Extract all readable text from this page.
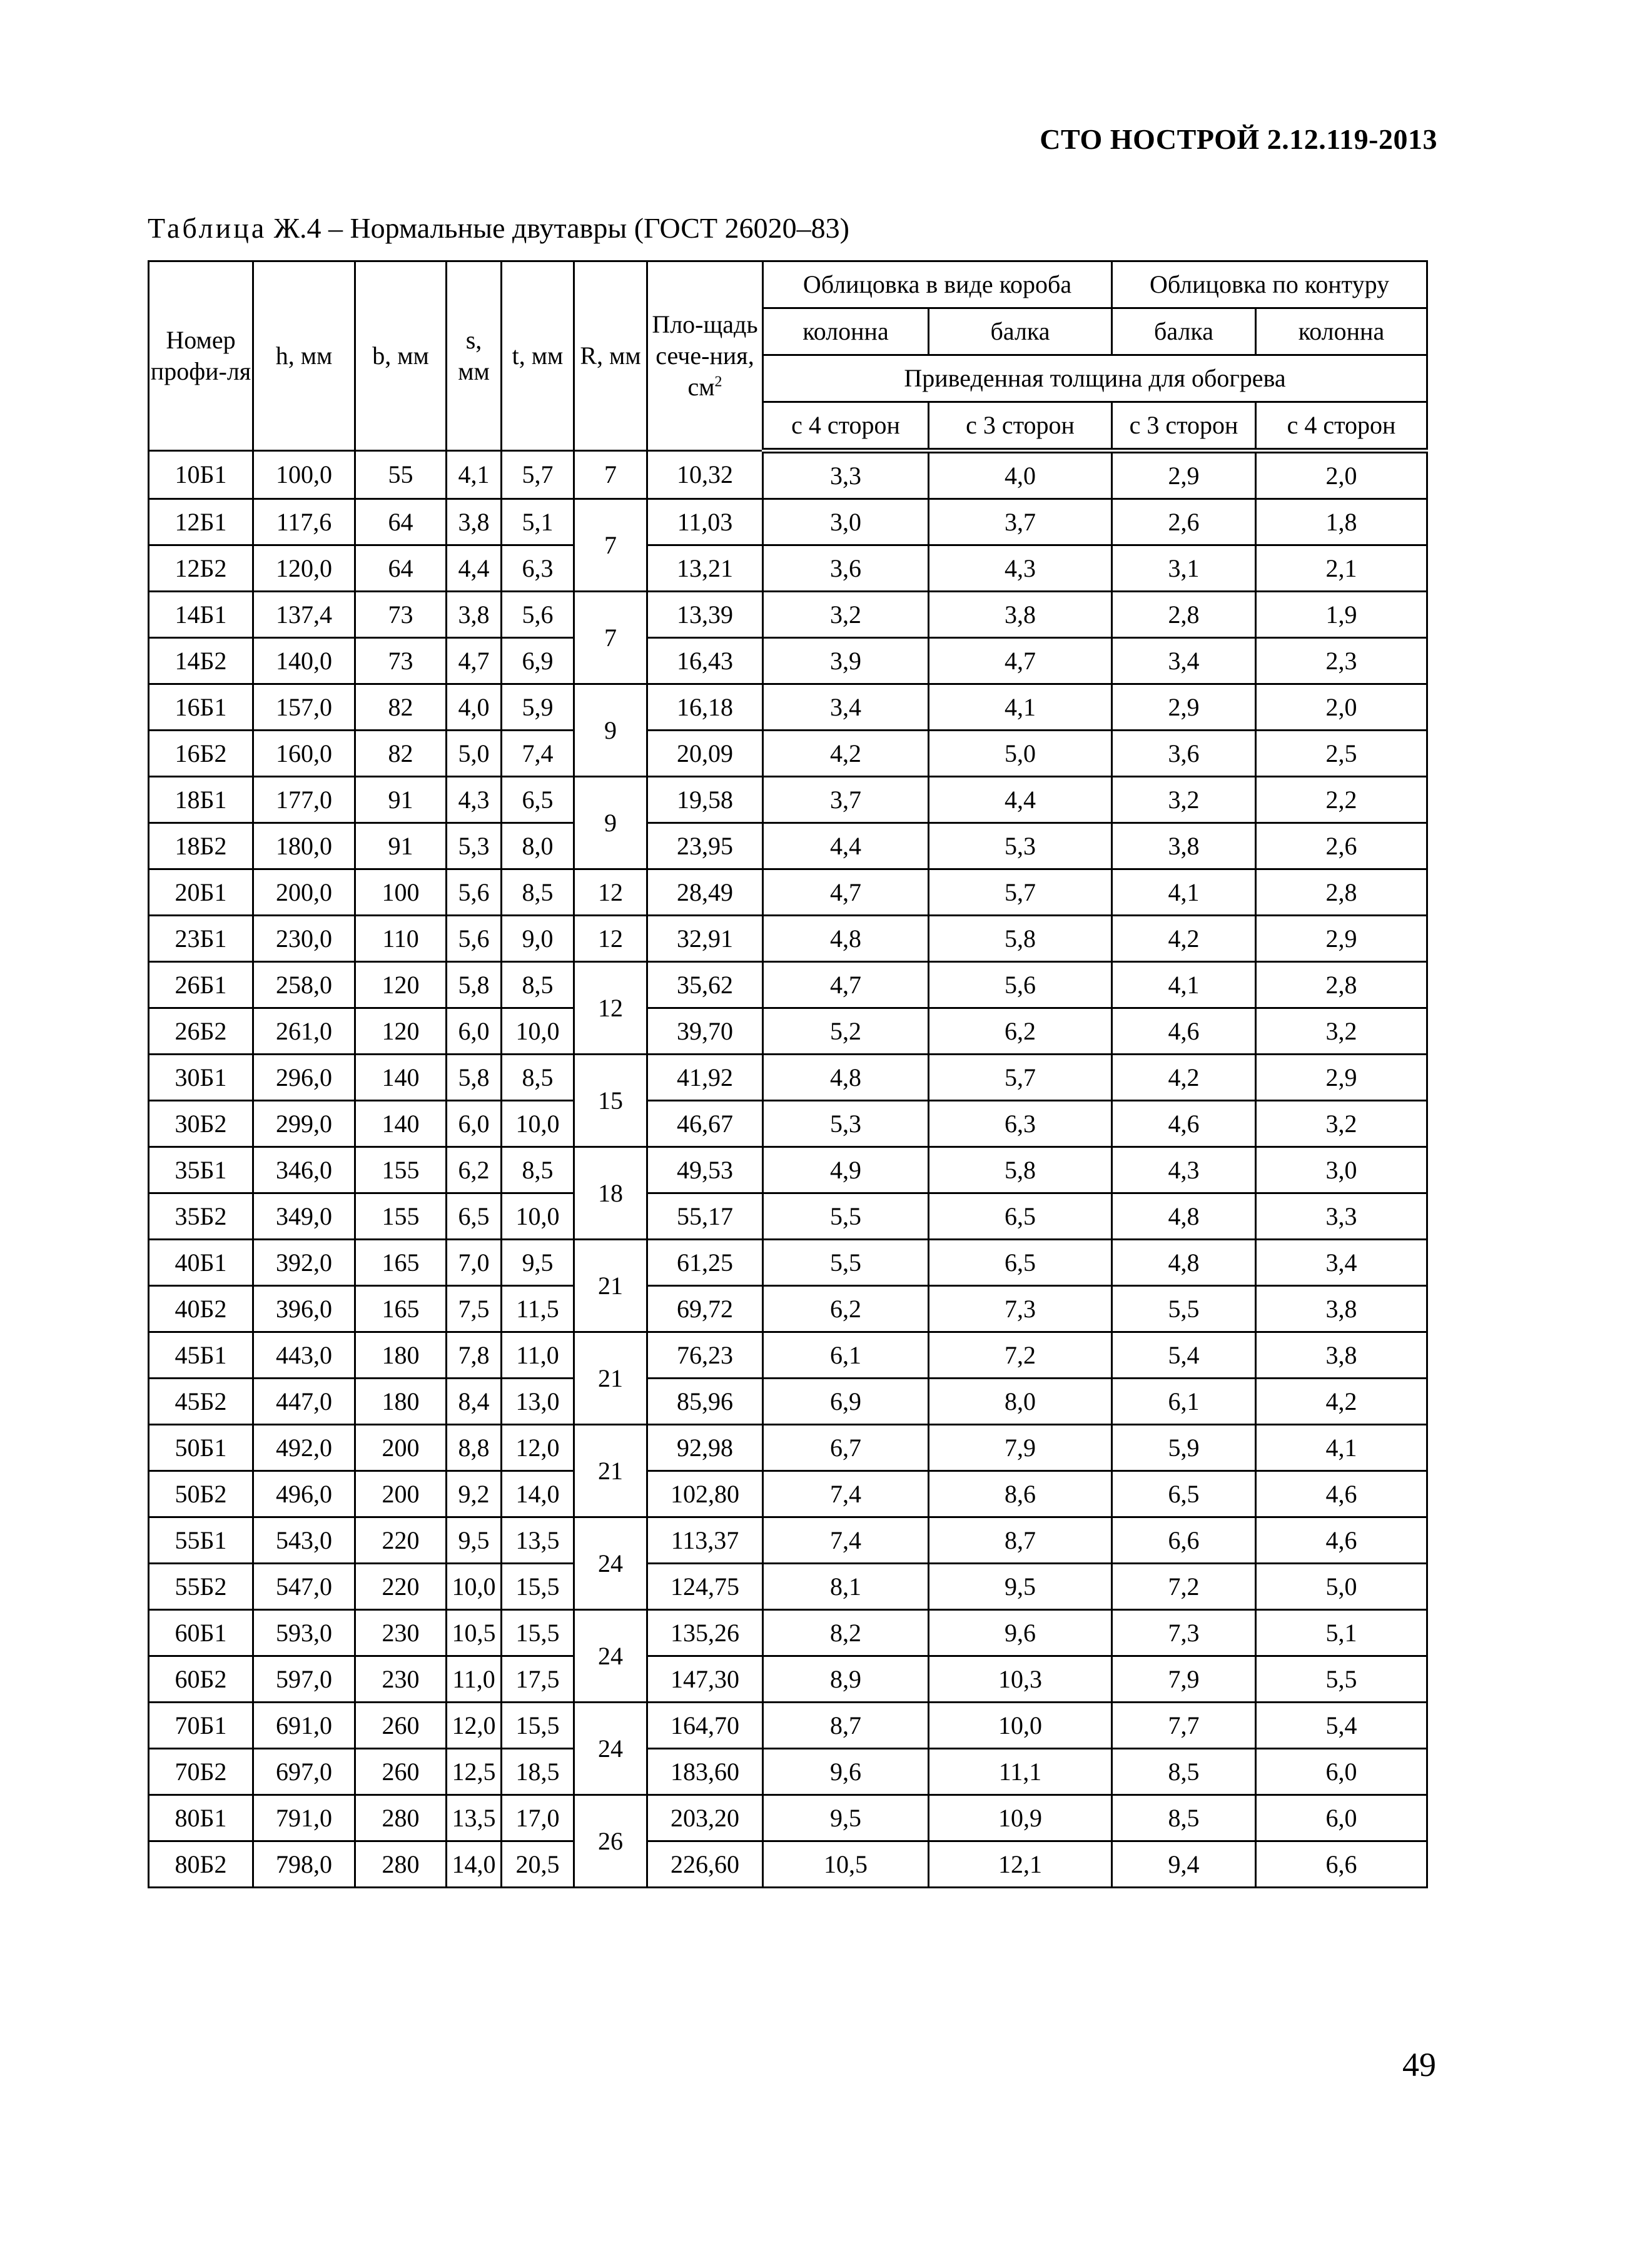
СТО НОСТРОЙ 2.12.119-2013
Таблица Ж.4 – Нормальные двутавры (ГОСТ 26020–83)
Номер профи-ля	h, мм	b, мм	s, мм	t, мм	R, мм	Пло-щадь сече-ния, $см^2$	Облицовка в виде короба		Облицовка по контуру	
							колонна	балка	балка	колонна
							Приведенная толщина для обогрева			
							с 4 сторон	с 3 сторон	с 3 сторон	с 4 сторон
10Б1	100,0	55	4,1	5,7	7	10,32	3,3	4,0	2,9	2,0
12Б1	117,6	64	3,8	5,1	7	11,03	3,0	3,7	2,6	1,8
12Б2	120,0	64	4,4	6,3		13,21	3,6	4,3	3,1	2,1
14Б1	137,4	73	3,8	5,6	7	13,39	3,2	3,8	2,8	1,9
14Б2	140,0	73	4,7	6,9		16,43	3,9	4,7	3,4	2,3
16Б1	157,0	82	4,0	5,9	9	16,18	3,4	4,1	2,9	2,0
16Б2	160,0	82	5,0	7,4		20,09	4,2	5,0	3,6	2,5
18Б1	177,0	91	4,3	6,5	9	19,58	3,7	4,4	3,2	2,2
18Б2	180,0	91	5,3	8,0		23,95	4,4	5,3	3,8	2,6
20Б1	200,0	100	5,6	8,5	12	28,49	4,7	5,7	4,1	2,8
23Б1	230,0	110	5,6	9,0	12	32,91	4,8	5,8	4,2	2,9
26Б1	258,0	120	5,8	8,5	12	35,62	4,7	5,6	4,1	2,8
26Б2	261,0	120	6,0	10,0		39,70	5,2	6,2	4,6	3,2
30Б1	296,0	140	5,8	8,5	15	41,92	4,8	5,7	4,2	2,9
30Б2	299,0	140	6,0	10,0		46,67	5,3	6,3	4,6	3,2
35Б1	346,0	155	6,2	8,5	18	49,53	4,9	5,8	4,3	3,0
35Б2	349,0	155	6,5	10,0		55,17	5,5	6,5	4,8	3,3
40Б1	392,0	165	7,0	9,5	21	61,25	5,5	6,5	4,8	3,4
40Б2	396,0	165	7,5	11,5		69,72	6,2	7,3	5,5	3,8
45Б1	443,0	180	7,8	11,0	21	76,23	6,1	7,2	5,4	3,8
45Б2	447,0	180	8,4	13,0		85,96	6,9	8,0	6,1	4,2
50Б1	492,0	200	8,8	12,0	21	92,98	6,7	7,9	5,9	4,1
50Б2	496,0	200	9,2	14,0		102,80	7,4	8,6	6,5	4,6
55Б1	543,0	220	9,5	13,5	24	113,37	7,4	8,7	6,6	4,6
55Б2	547,0	220	10,0	15,5		124,75	8,1	9,5	7,2	5,0
60Б1	593,0	230	10,5	15,5	24	135,26	8,2	9,6	7,3	5,1
60Б2	597,0	230	11,0	17,5		147,30	8,9	10,3	7,9	5,5
70Б1	691,0	260	12,0	15,5	24	164,70	8,7	10,0	7,7	5,4
70Б2	697,0	260	12,5	18,5		183,60	9,6	11,1	8,5	6,0
80Б1	791,0	280	13,5	17,0	26	203,20	9,5	10,9	8,5	6,0
80Б2	798,0	280	14,0	20,5		226,60	10,5	12,1	9,4	6,6
49
